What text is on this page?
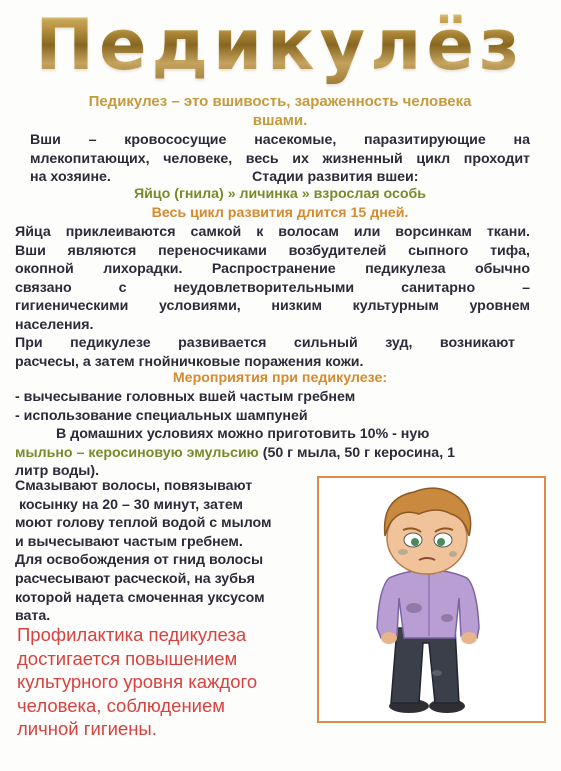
Педикулёз
Педикулез – это вшивость, зараженность человека
вшами.
Вши – кровососущие насекомые, паразитирующие на
млекопитающих, человеке, весь их жизненный цикл проходит
на хозяине.	Стадии развития вшеи:
Яйцо (гнила) » личинка » взрослая особь
Весь цикл развития длится 15 дней.
Яйца приклеиваются самкой к волосам или ворсинкам ткани.
Вши являются переносчиками возбудителей сыпного тифа,
окопной лихорадки. Распространение педикулеза обычно
связано с неудовлетворительными санитарно –
гигиеническими условиями, низким культурным уровнем
населения.
При педикулезе развивается сильный зуд, возникают
расчесы, а затем гнойничковые поражения кожи.
Мероприятия при педикулезе:
- вычесывание головных вшей частым гребнем
- использование специальных шампуней
В домашних условиях можно приготовить 10% - ную
мыльно – керосиновую эмульсию (50 г мыла, 50 г керосина, 1
литр воды).
Смазывают волосы, повязывают
косынку на 20 – 30 минут, затем
моют голову теплой водой с мылом
и вычесывают частым гребнем.
Для освобождения от гнид волосы
расчесывают расческой, на зубья
которой надета смоченная уксусом
вата.
Профилактика педикулеза
достигается повышением
культурного уровня каждого
человека, соблюдением
личной гигиены.
